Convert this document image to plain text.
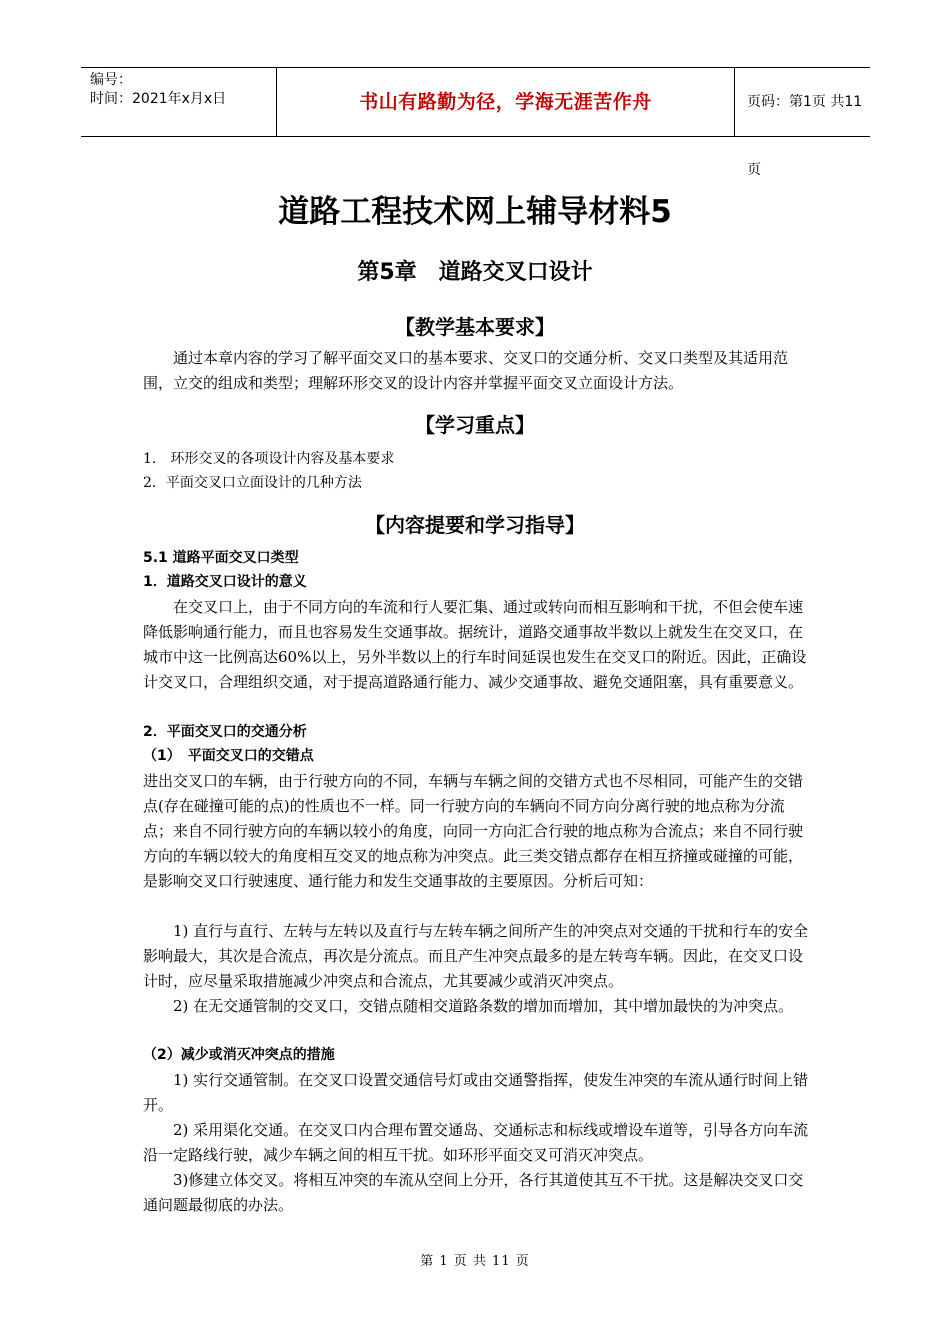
编号：
时间：2021年x月x日	书山有路勤为径，学海无涯苦作舟	页码：第1页 共11页
道路工程技术网上辅导材料5
第5章　道路交叉口设计
【教学基本要求】
通过本章内容的学习了解平面交叉口的基本要求、交叉口的交通分析、交叉口类型及其适用范围，立交的组成和类型；理解环形交叉的设计内容并掌握平面交叉立面设计方法。
【学习重点】
1.　环形交叉的各项设计内容及基本要求
2．平面交叉口立面设计的几种方法
【内容提要和学习指导】
5.1 道路平面交叉口类型
1．道路交叉口设计的意义
在交叉口上，由于不同方向的车流和行人要汇集、通过或转向而相互影响和干扰，不但会使车速降低影响通行能力，而且也容易发生交通事故。据统计，道路交通事故半数以上就发生在交叉口，在城市中这一比例高达60%以上，另外半数以上的行车时间延误也发生在交叉口的附近。因此，正确设计交叉口，合理组织交通，对于提高道路通行能力、减少交通事故、避免交通阻塞，具有重要意义。
2．平面交叉口的交通分析
（1）　平面交叉口的交错点
进出交叉口的车辆，由于行驶方向的不同，车辆与车辆之间的交错方式也不尽相同，可能产生的交错点(存在碰撞可能的点)的性质也不一样。同一行驶方向的车辆向不同方向分离行驶的地点称为分流点；来自不同行驶方向的车辆以较小的角度，向同一方向汇合行驶的地点称为合流点；来自不同行驶方向的车辆以较大的角度相互交叉的地点称为冲突点。此三类交错点都存在相互挤撞或碰撞的可能，是影响交叉口行驶速度、通行能力和发生交通事故的主要原因。分析后可知：
1) 直行与直行、左转与左转以及直行与左转车辆之间所产生的冲突点对交通的干扰和行车的安全影响最大，其次是合流点，再次是分流点。而且产生冲突点最多的是左转弯车辆。因此，在交叉口设计时，应尽量采取措施减少冲突点和合流点，尤其要减少或消灭冲突点。
2) 在无交通管制的交叉口，交错点随相交道路条数的增加而增加，其中增加最快的为冲突点。
（2）减少或消灭冲突点的措施
1) 实行交通管制。在交叉口设置交通信号灯或由交通警指挥，使发生冲突的车流从通行时间上错开。
2) 采用渠化交通。在交叉口内合理布置交通岛、交通标志和标线或增设车道等，引导各方向车流沿一定路线行驶，减少车辆之间的相互干扰。如环形平面交叉可消灭冲突点。
3)修建立体交叉。将相互冲突的车流从空间上分开，各行其道使其互不干扰。这是解决交叉口交通问题最彻底的办法。
第 1 页 共 11 页
